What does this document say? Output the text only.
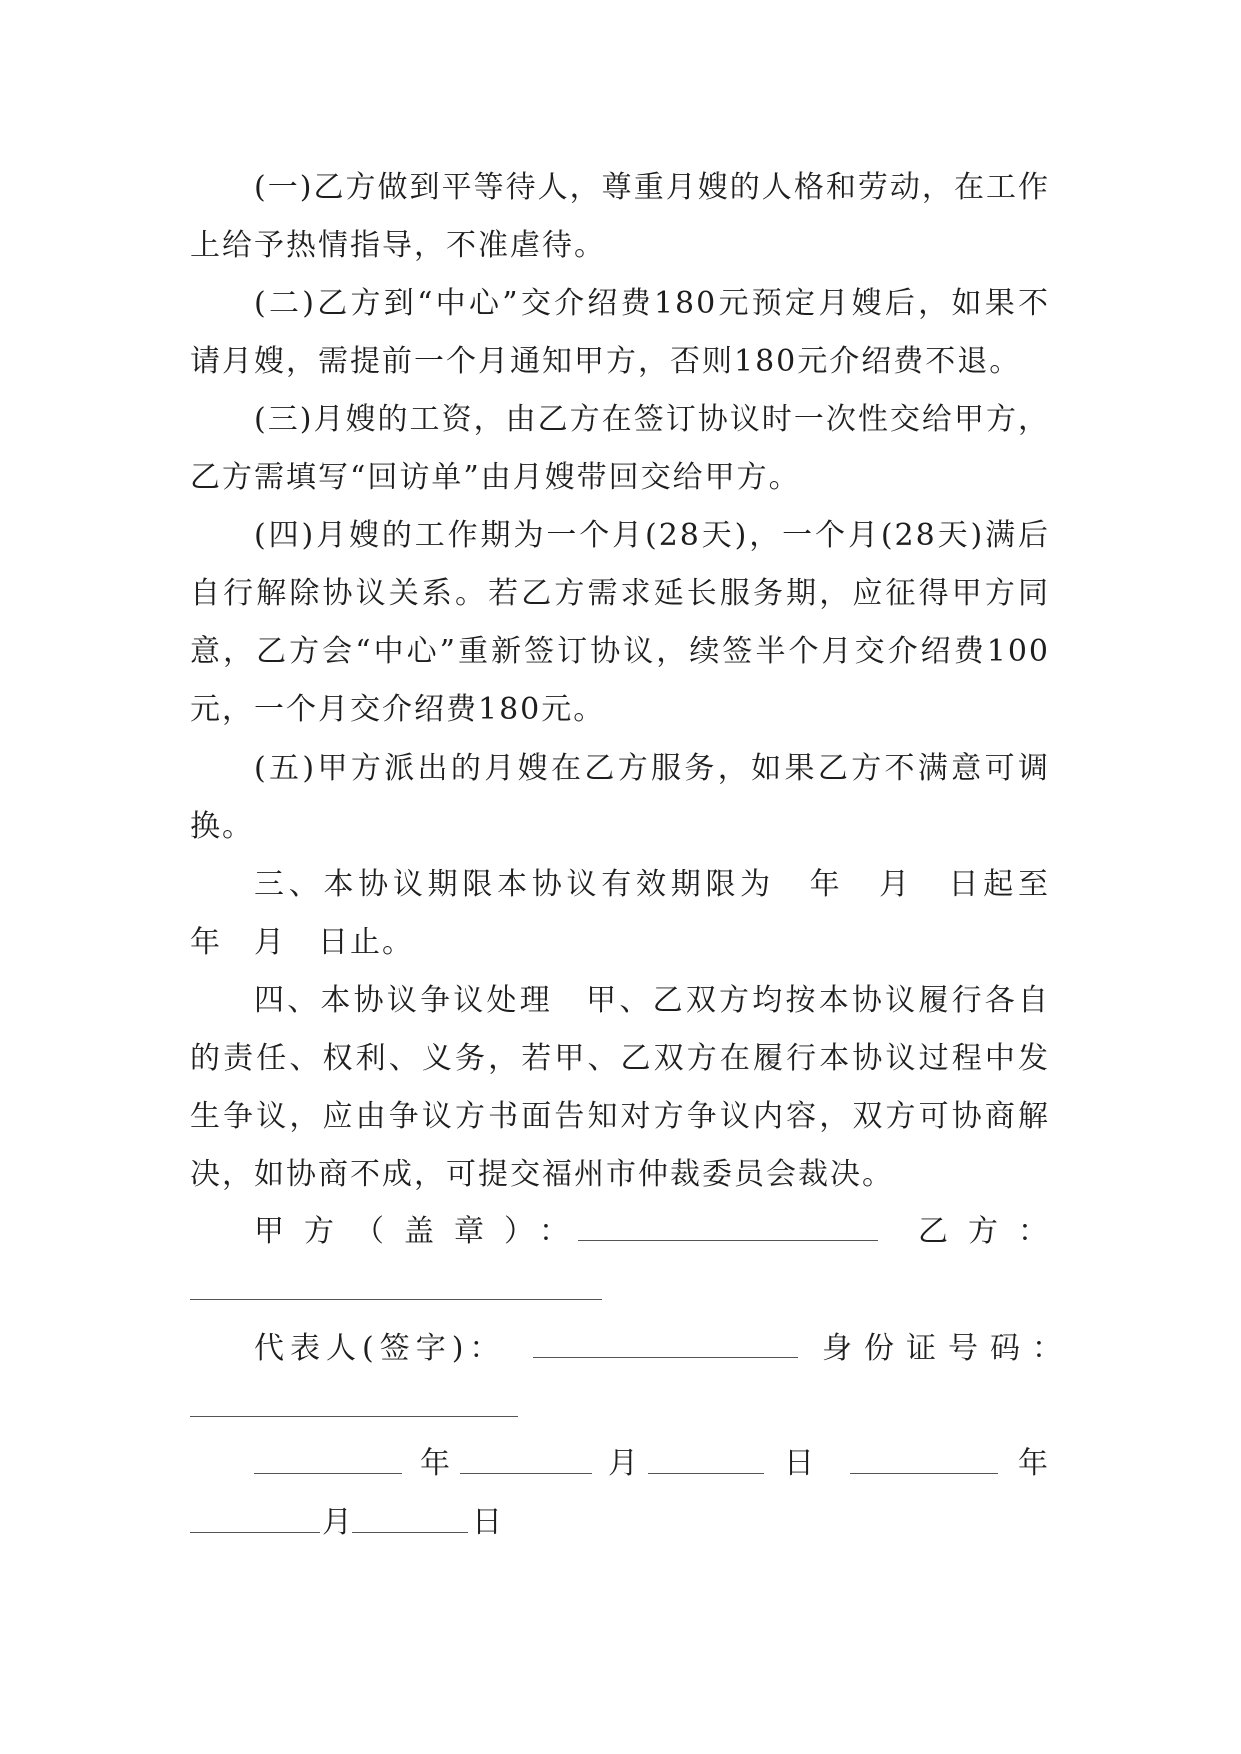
(一)乙方做到平等待人，尊重月嫂的人格和劳动，在工作上给予热情指导，不准虐待。

(二)乙方到“中心”交介绍费180元预定月嫂后，如果不请月嫂，需提前一个月通知甲方，否则180元介绍费不退。

(三)月嫂的工资，由乙方在签订协议时一次性交给甲方，乙方需填写“回访单”由月嫂带回交给甲方。

(四)月嫂的工作期为一个月(28天)，一个月(28天)满后自行解除协议关系。若乙方需求延长服务期，应征得甲方同意，乙方会“中心”重新签订协议，续签半个月交介绍费100元，一个月交介绍费180元。

(五)甲方派出的月嫂在乙方服务，如果乙方不满意可调换。

三、本协议期限本协议有效期限为　年　月　日起至　年　月　日止。

四、本协议争议处理　甲、乙双方均按本协议履行各自的责任、权利、义务，若甲、乙双方在履行本协议过程中发生争议，应由争议方书面告知对方争议内容，双方可协商解决，如协商不成，可提交福州市仲裁委员会裁决。

甲方（盖章）：	乙方：
代表人(签字)：	身份证号码：
年	月	日	年
月	日
